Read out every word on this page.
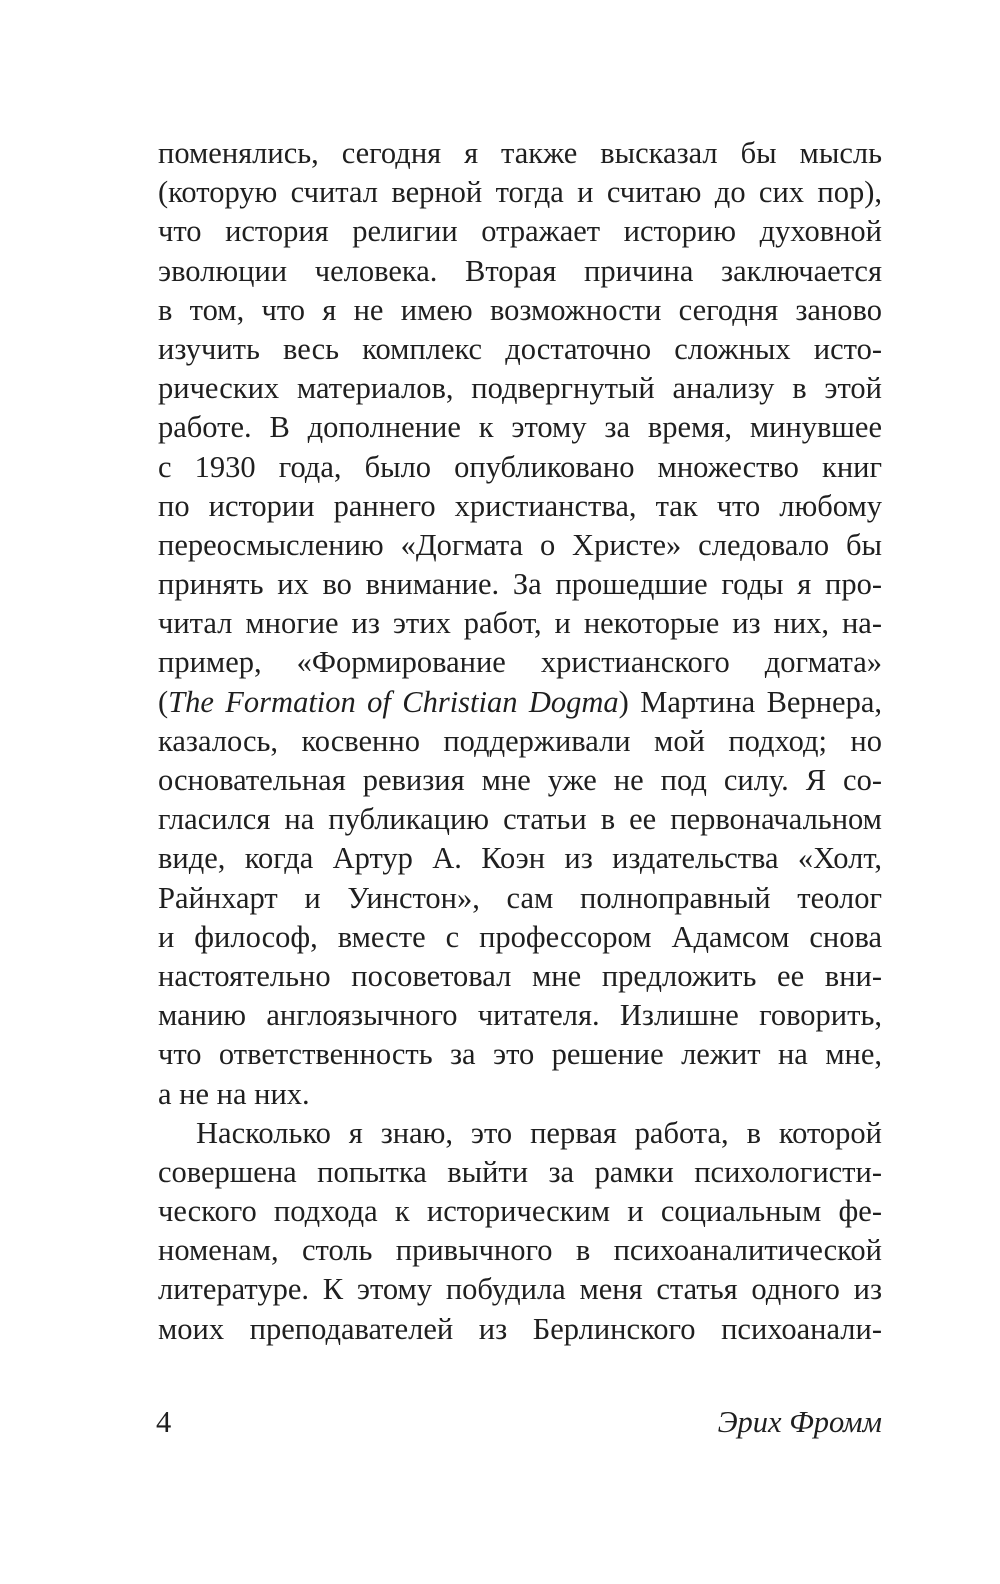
поменялись, сегодня я также высказал бы мысль
(которую считал верной тогда и считаю до сих пор),
что история религии отражает историю духовной
эволюции человека. Вторая причина заключается
в том, что я не имею возможности сегодня заново
изучить весь комплекс достаточно сложных исто-
рических материалов, подвергнутый анализу в этой
работе. В дополнение к этому за время, минувшее
с 1930 года, было опубликовано множество книг
по истории раннего христианства, так что любому
переосмыслению «Догмата о Христе» следовало бы
принять их во внимание. За прошедшие годы я про-
читал многие из этих работ, и некоторые из них, на-
пример, «Формирование христианского догмата»
(The Formation of Christian Dogma) Мартина Вернера,
казалось, косвенно поддерживали мой подход; но
основательная ревизия мне уже не под силу. Я со-
гласился на публикацию статьи в ее первоначальном
виде, когда Артур А. Коэн из издательства «Холт,
Райнхарт и Уинстон», сам полноправный теолог
и философ, вместе с профессором Адамсом снова
настоятельно посоветовал мне предложить ее вни-
манию англоязычного читателя. Излишне говорить,
что ответственность за это решение лежит на мне,
а не на них.
Насколько я знаю, это первая работа, в которой
совершена попытка выйти за рамки психологисти-
ческого подхода к историческим и социальным фе-
номенам, столь привычного в психоаналитической
литературе. К этому побудила меня статья одного из
моих преподавателей из Берлинского психоанали-
4	Эрих Фромм
